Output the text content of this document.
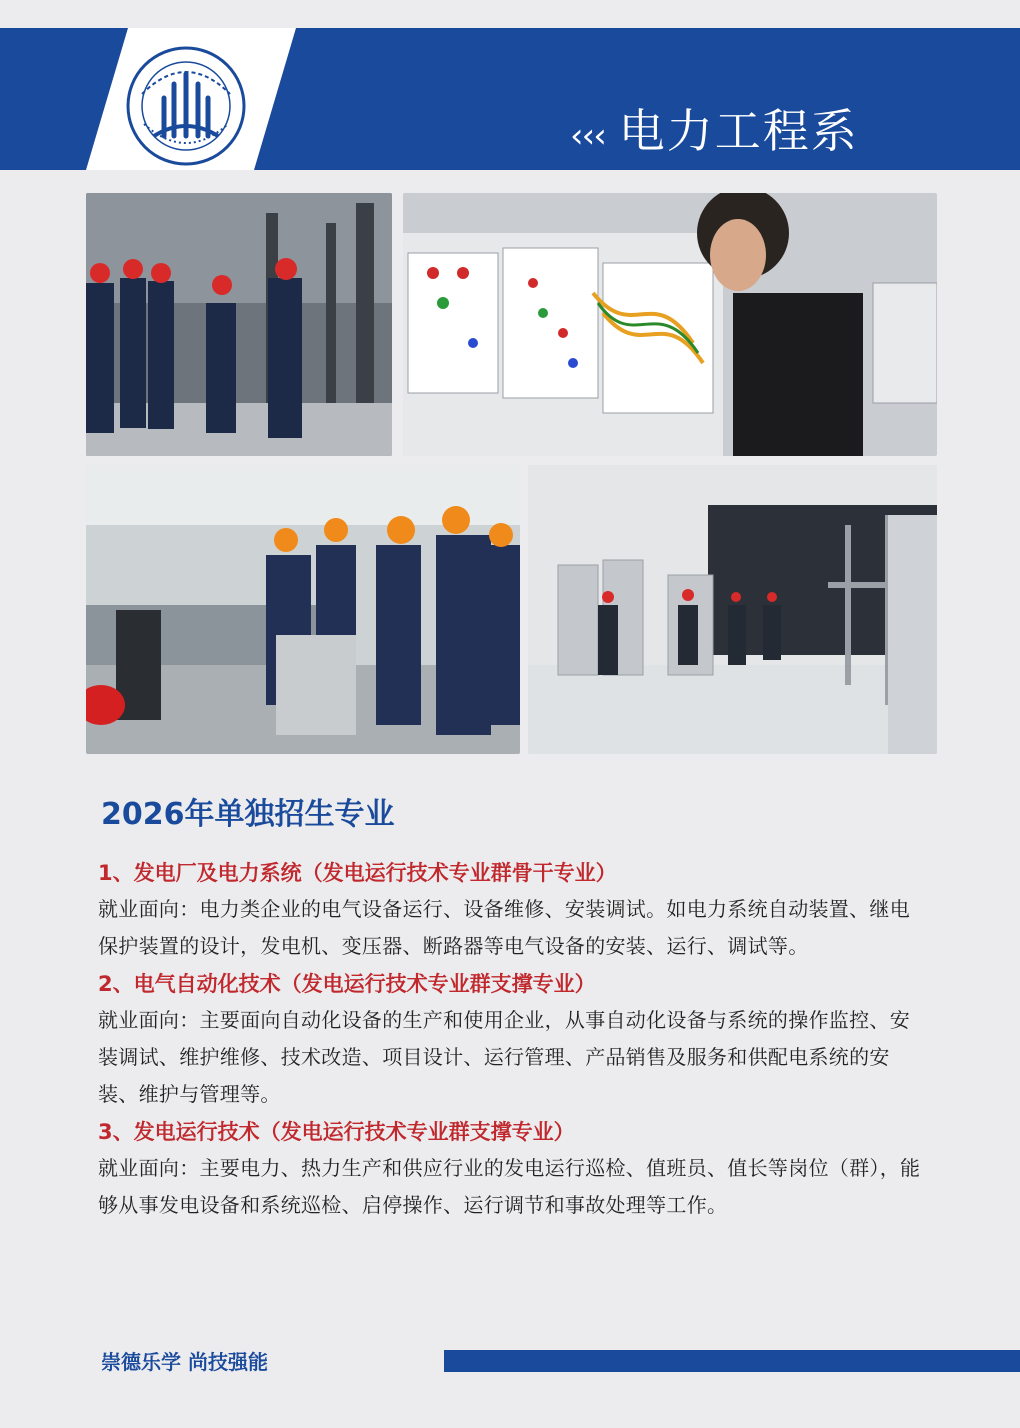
‹‹‹ 电力工程系
2026年单独招生专业
1、发电厂及电力系统（发电运行技术专业群骨干专业）

就业面向：电力类企业的电气设备运行、设备维修、安装调试。如电力系统自动装置、继电保护装置的设计，发电机、变压器、断路器等电气设备的安装、运行、调试等。

2、电气自动化技术（发电运行技术专业群支撑专业）

就业面向：主要面向自动化设备的生产和使用企业，从事自动化设备与系统的操作监控、安装调试、维护维修、技术改造、项目设计、运行管理、产品销售及服务和供配电系统的安装、维护与管理等。

3、发电运行技术（发电运行技术专业群支撑专业）

就业面向：主要电力、热力生产和供应行业的发电运行巡检、值班员、值长等岗位（群），能够从事发电设备和系统巡检、启停操作、运行调节和事故处理等工作。

崇德乐学 尚技强能
